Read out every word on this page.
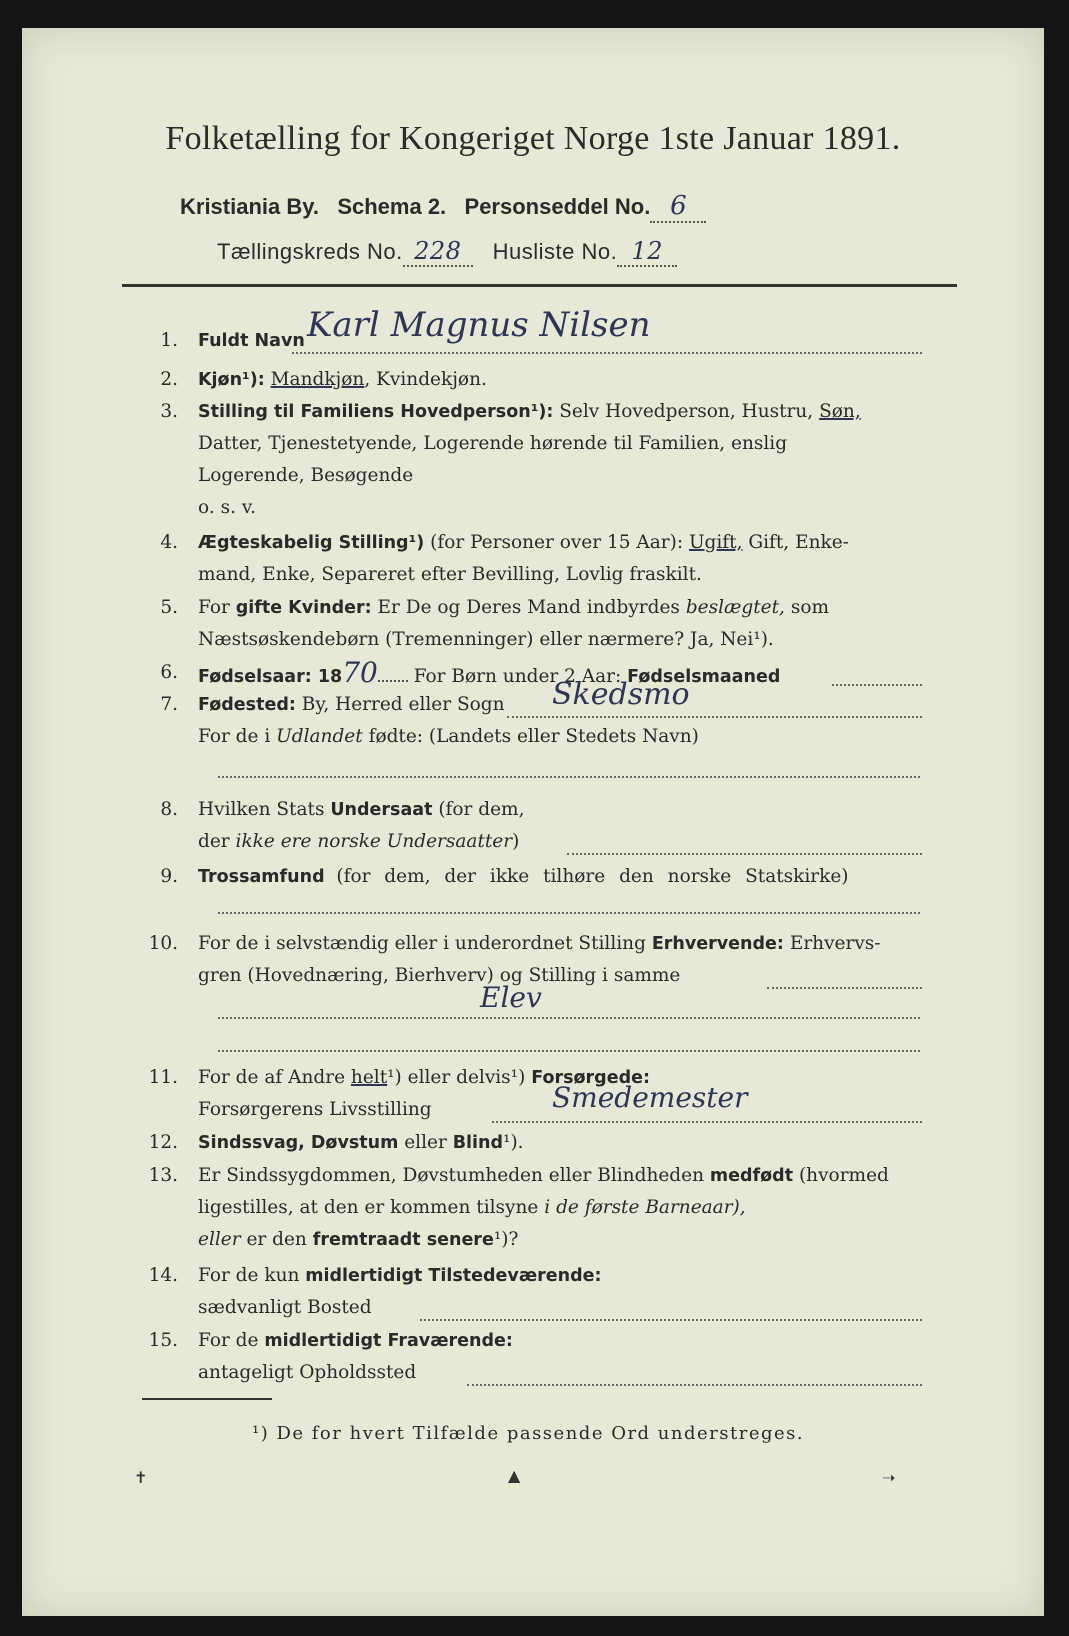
Folketælling for Kongeriget Norge 1ste Januar 1891.
Kristiania By. Schema 2. Personseddel No. 6
Tællingskreds No. 228 Husliste No. 12
1. Fuldt Navn Karl Magnus Nilsen
2. Kjøn¹): Mandkjøn, Kvindekjøn.
3. Stilling til Familiens Hovedperson¹): Selv Hovedperson, Hustru, Søn,
Datter, Tjenestetyende, Logerende hørende til Familien, enslig
Logerende, Besøgende
o. s. v.
4. Ægteskabelig Stilling¹) (for Personer over 15 Aar): Ugift, Gift, Enke-
mand, Enke, Separeret efter Bevilling, Lovlig fraskilt.
5. For gifte Kvinder: Er De og Deres Mand indbyrdes beslægtet, som
Næstsøskendebørn (Tremenninger) eller nærmere? Ja, Nei¹).
6. Fødselsaar: 1870 For Børn under 2 Aar: Fødselsmaaned
7. Fødested: By, Herred eller Sogn Skedsmo
For de i Udlandet fødte: (Landets eller Stedets Navn)
8. Hvilken Stats Undersaat (for dem,
der ikke ere norske Undersaatter)
9. Trossamfund (for dem, der ikke tilhøre den norske Statskirke)
10. For de i selvstændig eller i underordnet Stilling Erhvervende: Erhvervs-
gren (Hovednæring, Bierhverv) og Stilling i samme
Elev
11. For de af Andre helt¹) eller delvis¹) Forsørgede:
Forsørgerens Livsstilling	Smedemester
12. Sindssvag, Døvstum eller Blind¹).
13. Er Sindssygdommen, Døvstumheden eller Blindheden medfødt (hvormed
ligestilles, at den er kommen tilsyne i de første Barneaar),
eller er den fremtraadt senere¹)?
14. For de kun midlertidigt Tilstedeværende:
sædvanligt Bosted
15. For de midlertidigt Fraværende:
antageligt Opholdssted
¹) De for hvert Tilfælde passende Ord understreges.
✝	▲	➝
